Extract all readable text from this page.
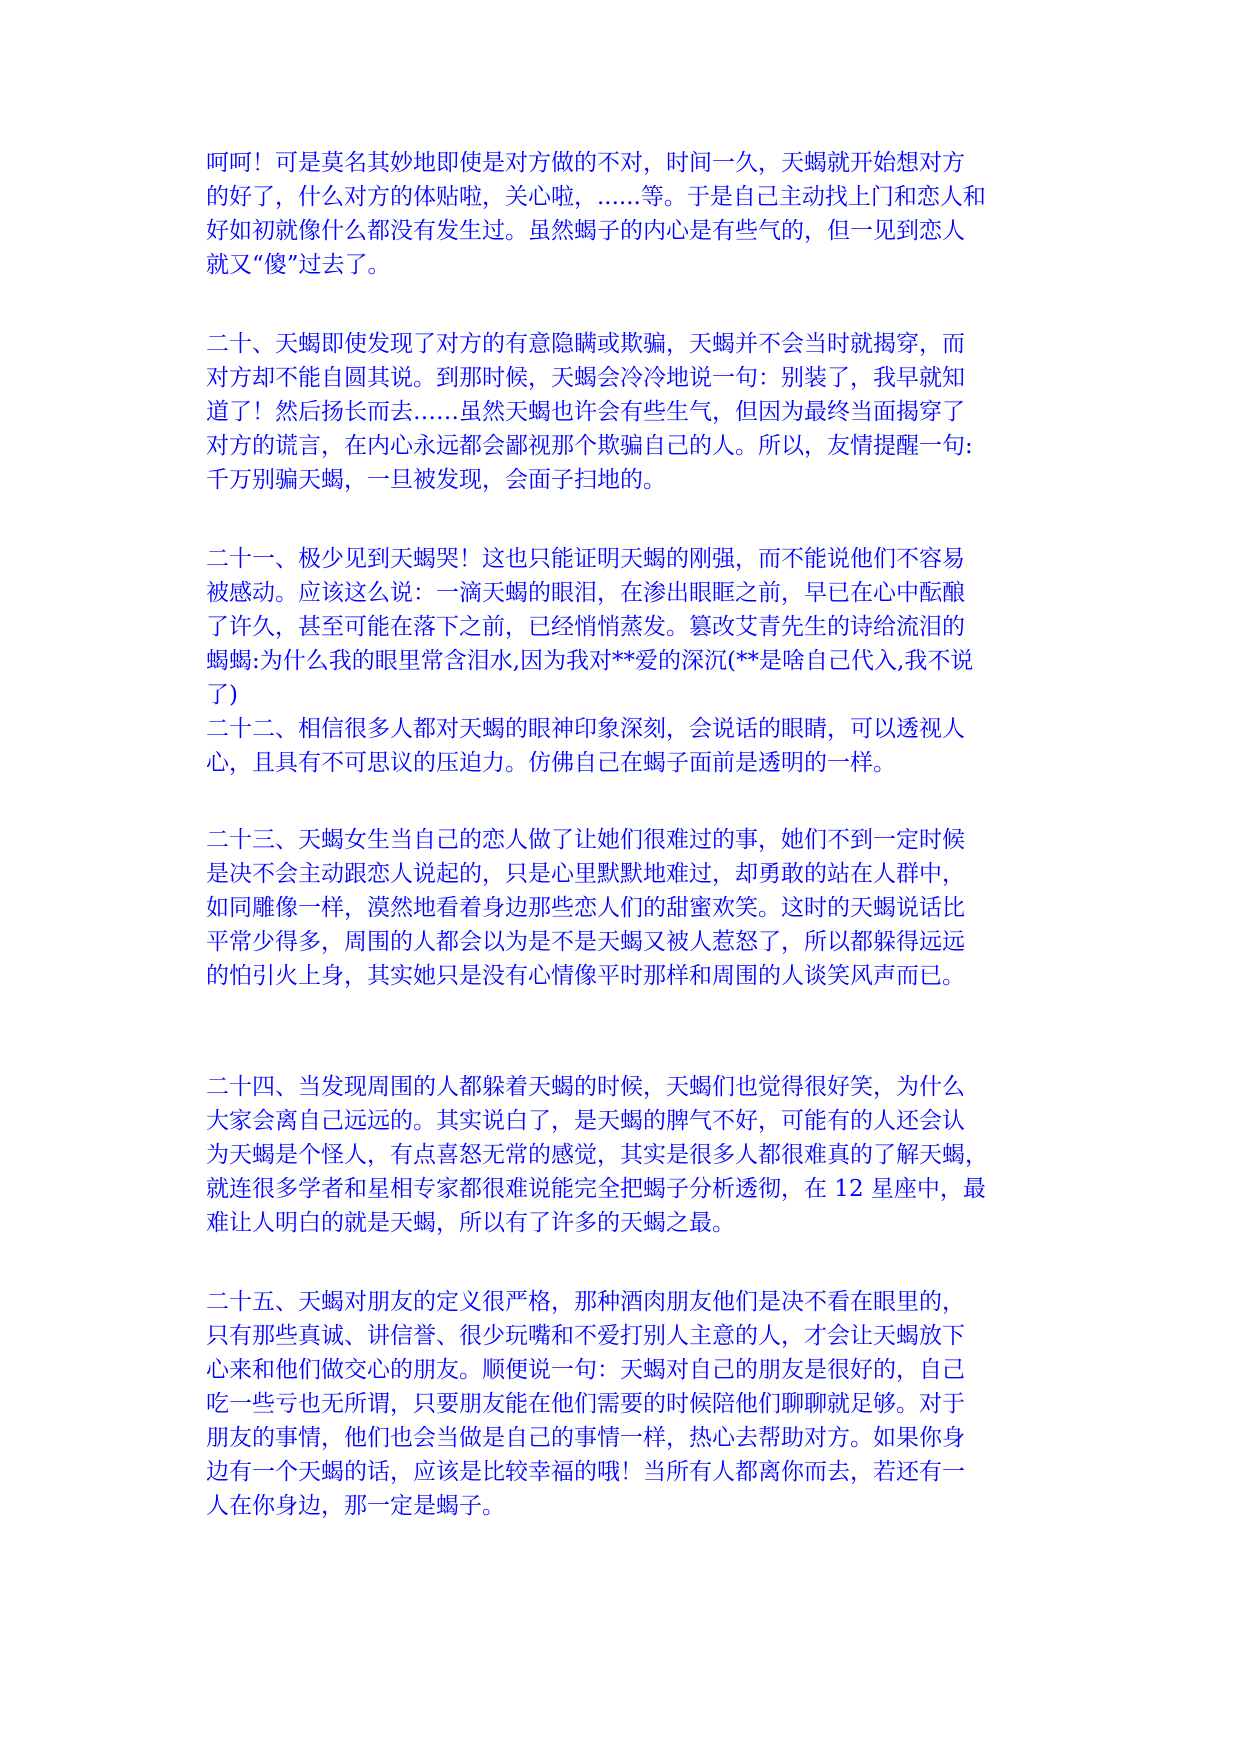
呵呵！可是莫名其妙地即使是对方做的不对，时间一久，天蝎就开始想对方
的好了，什么对方的体贴啦，关心啦，......等。于是自己主动找上门和恋人和
好如初就像什么都没有发生过。虽然蝎子的内心是有些气的，但一见到恋人
就又“傻”过去了。
二十、天蝎即使发现了对方的有意隐瞒或欺骗，天蝎并不会当时就揭穿，而
对方却不能自圆其说。到那时候，天蝎会冷冷地说一句：别装了，我早就知
道了！然后扬长而去……虽然天蝎也许会有些生气，但因为最终当面揭穿了
对方的谎言，在内心永远都会鄙视那个欺骗自己的人。所以，友情提醒一句:
千万别骗天蝎，一旦被发现，会面子扫地的。
二十一、极少见到天蝎哭！这也只能证明天蝎的刚强，而不能说他们不容易
被感动。应该这么说：一滴天蝎的眼泪，在渗出眼眶之前，早已在心中酝酿
了许久，甚至可能在落下之前，已经悄悄蒸发。篡改艾青先生的诗给流泪的
蝎蝎:为什么我的眼里常含泪水,因为我对**爱的深沉(**是啥自己代入,我不说
了)
二十二、相信很多人都对天蝎的眼神印象深刻，会说话的眼睛，可以透视人
心，且具有不可思议的压迫力。仿佛自己在蝎子面前是透明的一样。
二十三、天蝎女生当自己的恋人做了让她们很难过的事，她们不到一定时候
是决不会主动跟恋人说起的，只是心里默默地难过，却勇敢的站在人群中，
如同雕像一样，漠然地看着身边那些恋人们的甜蜜欢笑。这时的天蝎说话比
平常少得多，周围的人都会以为是不是天蝎又被人惹怒了，所以都躲得远远
的怕引火上身，其实她只是没有心情像平时那样和周围的人谈笑风声而已。
二十四、当发现周围的人都躲着天蝎的时候，天蝎们也觉得很好笑，为什么
大家会离自己远远的。其实说白了，是天蝎的脾气不好，可能有的人还会认
为天蝎是个怪人，有点喜怒无常的感觉，其实是很多人都很难真的了解天蝎，
就连很多学者和星相专家都很难说能完全把蝎子分析透彻，在 12 星座中，最
难让人明白的就是天蝎，所以有了许多的天蝎之最。
二十五、天蝎对朋友的定义很严格，那种酒肉朋友他们是决不看在眼里的，
只有那些真诚、讲信誉、很少玩嘴和不爱打别人主意的人，才会让天蝎放下
心来和他们做交心的朋友。顺便说一句：天蝎对自己的朋友是很好的，自己
吃一些亏也无所谓，只要朋友能在他们需要的时候陪他们聊聊就足够。对于
朋友的事情，他们也会当做是自己的事情一样，热心去帮助对方。如果你身
边有一个天蝎的话，应该是比较幸福的哦！当所有人都离你而去，若还有一
人在你身边，那一定是蝎子。
